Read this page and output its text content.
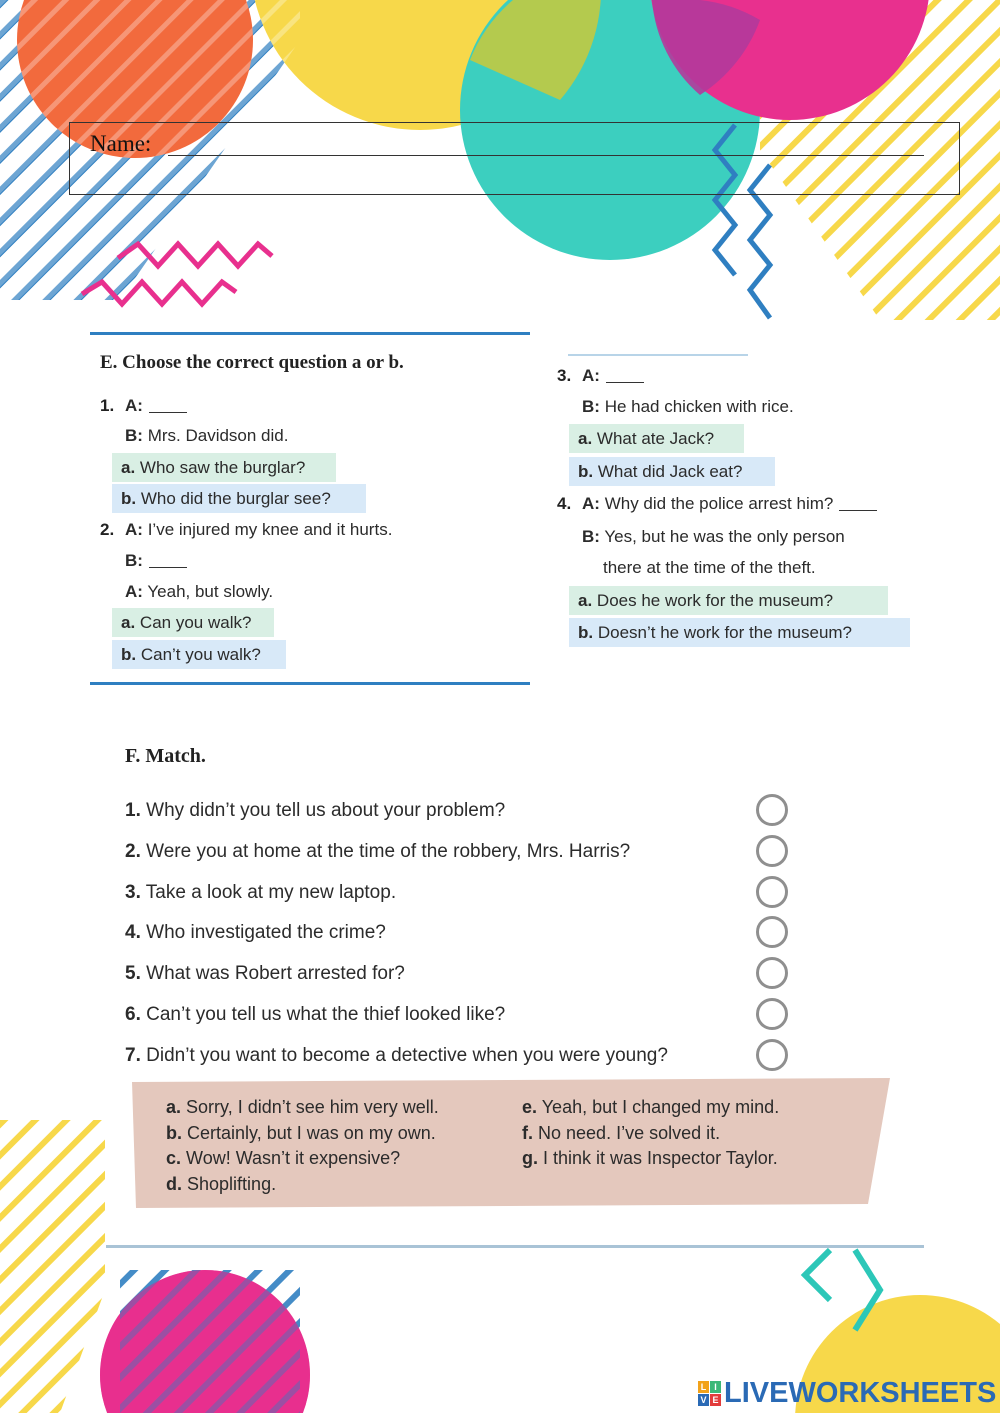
Name:
E. Choose the correct question a or b.
1. A:
B: Mrs. Davidson did.
a. Who saw the burglar?
b. Who did the burglar see?
2. A: I’ve injured my knee and it hurts.
B:
A: Yeah, but slowly.
a. Can you walk?
b. Can’t you walk?
3. A:
B: He had chicken with rice.
a. What ate Jack?
b. What did Jack eat?
4. A: Why did the police arrest him?
B: Yes, but he was the only person
there at the time of the theft.
a. Does he work for the museum?
b. Doesn’t he work for the museum?
F. Match.
1. Why didn’t you tell us about your problem?
2. Were you at home at the time of the robbery, Mrs. Harris?
3. Take a look at my new laptop.
4. Who investigated the crime?
5. What was Robert arrested for?
6. Can’t you tell us what the thief looked like?
7. Didn’t you want to become a detective when you were young?
a. Sorry, I didn’t see him very well.
b. Certainly, but I was on my own.
c. Wow! Wasn’t it expensive?
d. Shoplifting.
e. Yeah, but I changed my mind.
f. No need. I’ve solved it.
g. I think it was Inspector Taylor.
L I
V E LIVEWORKSHEETS
